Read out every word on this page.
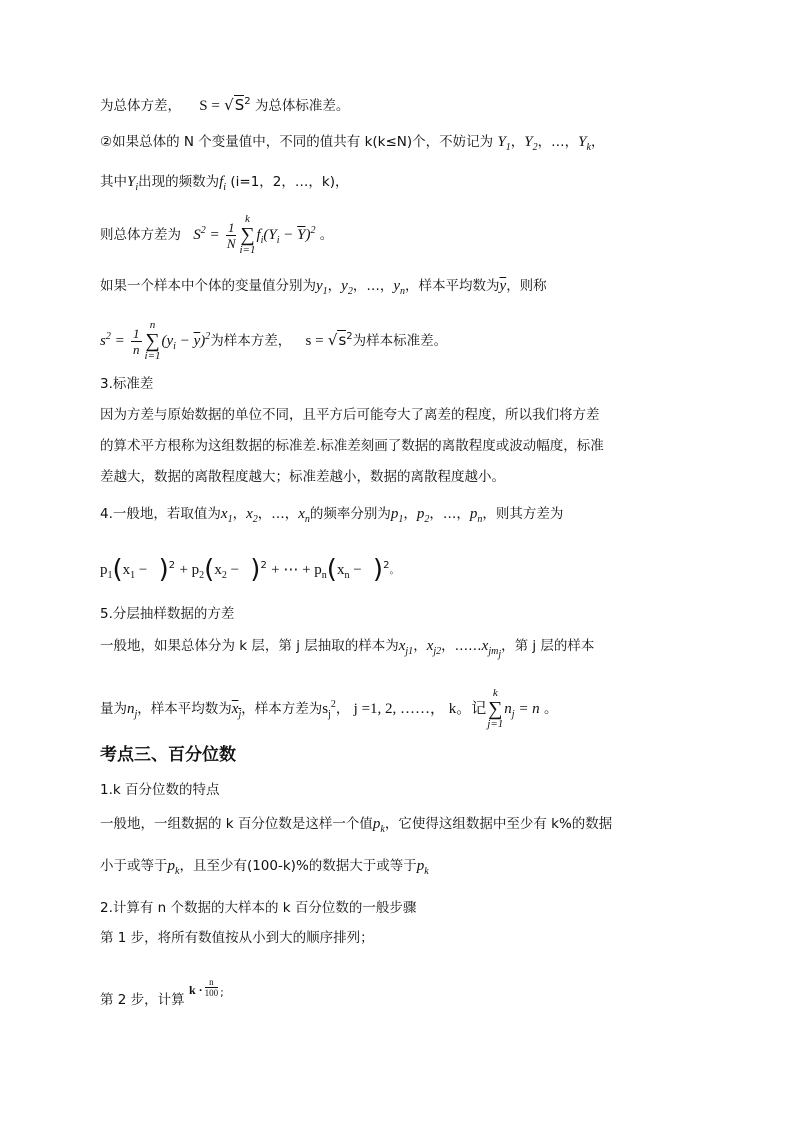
为总体方差， $S = √S^2$ 为总体标准差。
②如果总体的 N 个变量值中，不同的值共有 k(k≤N)个，不妨记为 $Y_1$，$Y_2$，…，$Y_k$，
其中$Y_i$出现的频数为$f_i$ (i=1，2，…，k)，
则总体方差为 $S^2 = \frac{1}{N}$
k
∑
$i=1f_i(Y_i - \overline{Y})^2$ 。
如果一个样本中个体的变量值分别为$y_1$，$y_2$，…，$y_n$，样本平均数为$\overline{y}$，则称
$s^2 = \frac{1}{n}$
n
∑
$i=1(y_i - \overline{y})^2$为样本方差， $s = √s^2$为样本标准差。
3.标准差
因为方差与原始数据的单位不同，且平方后可能夸大了离差的程度，所以我们将方差
的算术平方根称为这组数据的标准差.标准差刻画了数据的离散程度或波动幅度，标准
差越大，数据的离散程度越大；标准差越小，数据的离散程度越小。
4.一般地，若取值为$x_1$，$x_2$，…，$x_n$的频率分别为$p_1$，$p_2$，…，$p_n$，则其方差为
$p_1(x_1 - )^2 + p_2(x_2 - )^2$ + ⋯ + $p_n(x_n - )^2$。
5.分层抽样数据的方差
一般地，如果总体分为 k 层，第 j 层抽取的样本为$x_{j1}$，$x_{j2}$，$\dots\dots x_{jm_j}$，第 j 层的样本
量为$n_j$，样本平均数为$x_j$，样本方差为$s_j^2$， j =1, 2, ……， k。记k
∑
$j=1n_j = n$ 。
考点三、百分位数
1.k 百分位数的特点
一般地，一组数据的 k 百分位数是这样一个值$p_k$，它使得这组数据中至少有 k%的数据
小于或等于$p_k$，且至少有(100-k)%的数据大于或等于$p_k$
2.计算有 n 个数据的大样本的 k 百分位数的一般步骤
第 1 步，将所有数值按从小到大的顺序排列；
第 2 步，计算 $k \cdot \frac{n}{100} ^;$
